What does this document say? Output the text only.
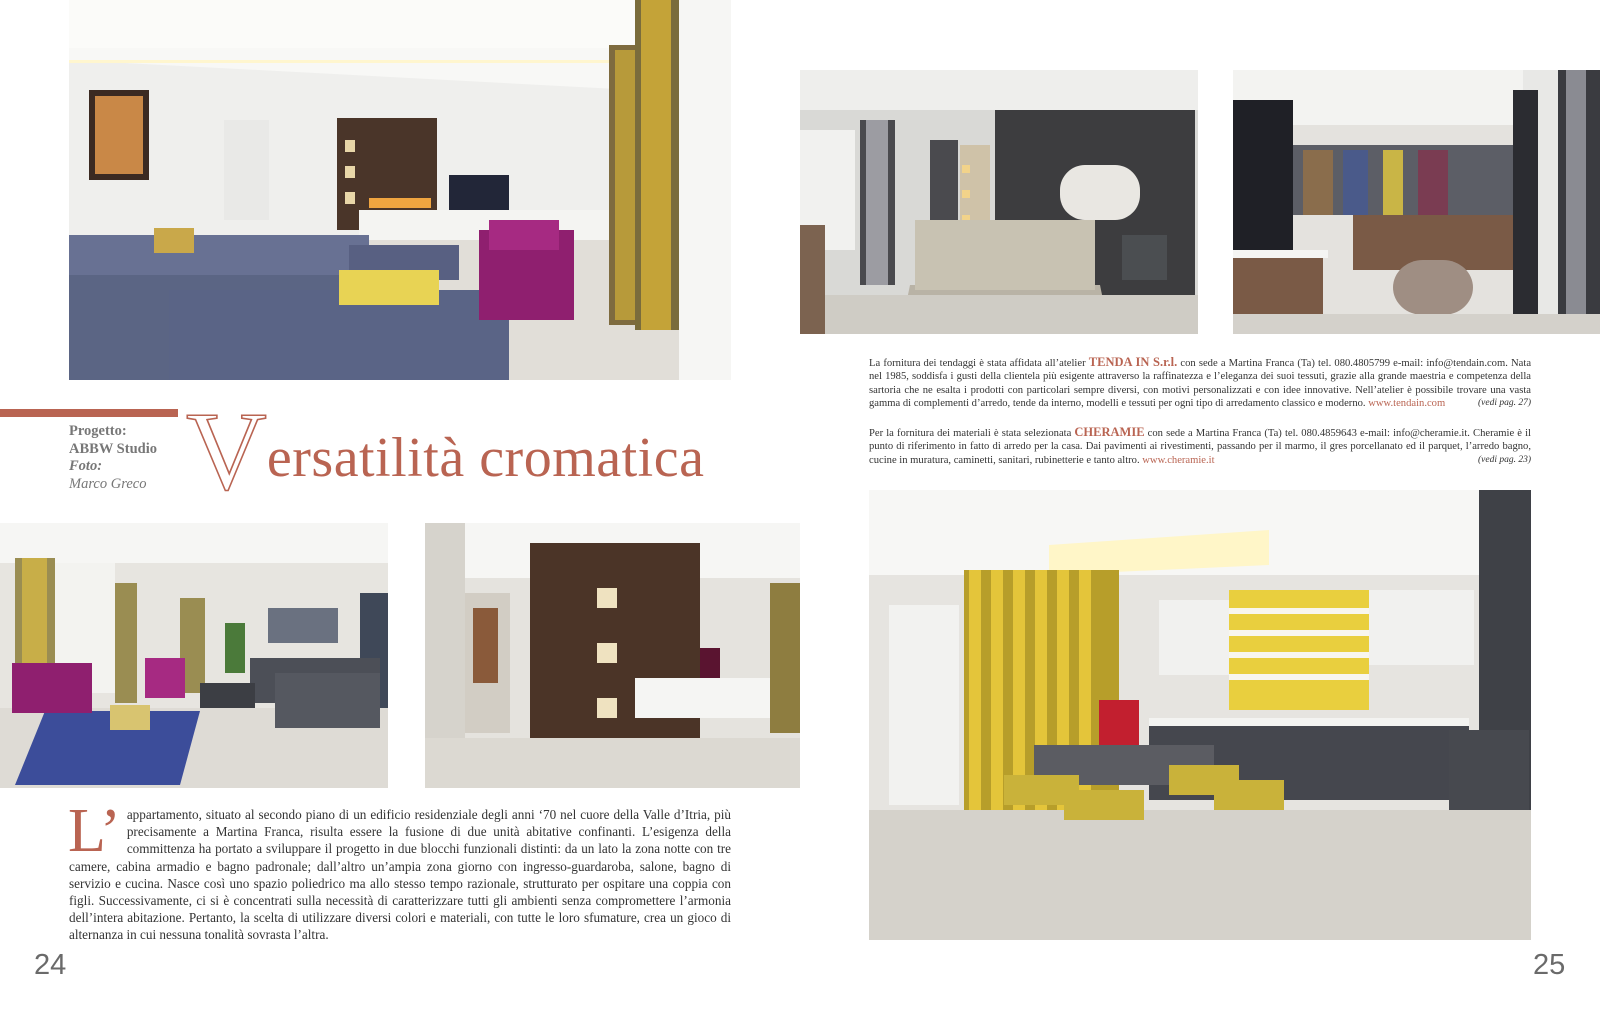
Progetto:
ABBW Studio
Foto:
Marco Greco Versatilità cromatica
L’ appartamento, situato al secondo piano di un edificio residenziale degli anni ‘70 nel cuore della Valle d’Itria, più precisamente a Martina Franca, risulta essere la fusione di due unità abitative confinanti. L’esigenza della committenza ha portato a sviluppare il progetto in due blocchi funzionali distinti: da un lato la zona notte con tre camere, cabina armadio e bagno padronale; dall’altro un’ampia zona giorno con ingresso-guardaroba, salone, bagno di servizio e cucina. Nasce così uno spazio poliedrico ma allo stesso tempo razionale, strutturato per ospitare una coppia con figli. Successivamente, ci si è concentrati sulla necessità di caratterizzare tutti gli ambienti senza compromettere l’armonia dell’intera abitazione. Pertanto, la scelta di utilizzare diversi colori e materiali, con tutte le loro sfumature, crea un gioco di alternanza in cui nessuna tonalità sovrasta l’altra.
24
La fornitura dei tendaggi è stata affidata all’atelier TENDA IN S.r.l. con sede a Martina Franca (Ta) tel. 080.4805799 e-mail: info@tendain.com. Nata nel 1985, soddisfa i gusti della clientela più esigente attraverso la raffinatezza e l’eleganza dei suoi tessuti, grazie alla grande maestria e competenza della sartoria che ne esalta i prodotti con particolari sempre diversi, con motivi personalizzati e con idee innovative. Nell’atelier è possibile trovare una vasta gamma di complementi d’arredo, tende da interno, modelli e tessuti per ogni tipo di arredamento classico e moderno. www.tendain.com	(vedi pag. 27)
Per la fornitura dei materiali è stata selezionata CHERAMIE con sede a Martina Franca (Ta) tel. 080.4859643 e-mail: info@cheramie.it. Cheramie è il punto di riferimento in fatto di arredo per la casa. Dai pavimenti ai rivestimenti, passando per il marmo, il gres porcellanato ed il parquet, l’arredo bagno, cucine in muratura, caminetti, sanitari, rubinetterie e tanto altro. www.cheramie.it	(vedi pag. 23)
25
